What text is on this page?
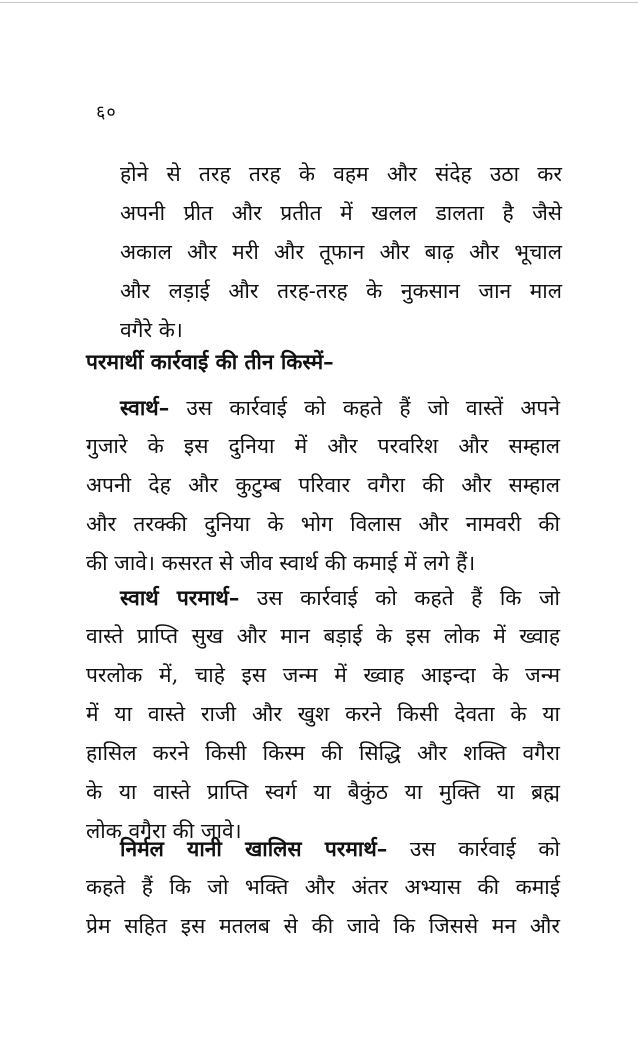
६०
होने से तरह तरह के वहम और संदेह उठा कर
अपनी प्रीत और प्रतीत में खलल डालता है जैसे
अकाल और मरी और तूफान और बाढ़ और भूचाल
और लड़ाई और तरह-तरह के नुकसान जान माल
वगैरे के।
परमार्थी कार्रवाई की तीन किस्में–
स्वार्थ– उस कार्रवाई को कहते हैं जो वास्तें अपने
गुजारे के इस दुनिया में और परवरिश और सम्हाल
अपनी देह और कुटुम्ब परिवार वगैरा की और सम्हाल
और तरक्की दुनिया के भोग विलास और नामवरी की
की जावे। कसरत से जीव स्वार्थ की कमाई में लगे हैं।
स्वार्थ परमार्थ– उस कार्रवाई को कहते हैं कि जो
वास्ते प्राप्ति सुख और मान बड़ाई के इस लोक में ख्वाह
परलोक में, चाहे इस जन्म में ख्वाह आइन्दा के जन्म
में या वास्ते राजी और खुश करने किसी देवता के या
हासिल करने किसी किस्म की सिद्धि और शक्ति वगैरा
के या वास्ते प्राप्ति स्वर्ग या बैकुंठ या मुक्ति या ब्रह्म
लोक वगैरा की जावे।
निर्मल यानी खालिस परमार्थ– उस कार्रवाई को
कहते हैं कि जो भक्ति और अंतर अभ्यास की कमाई
प्रेम सहित इस मतलब से की जावे कि जिससे मन और
